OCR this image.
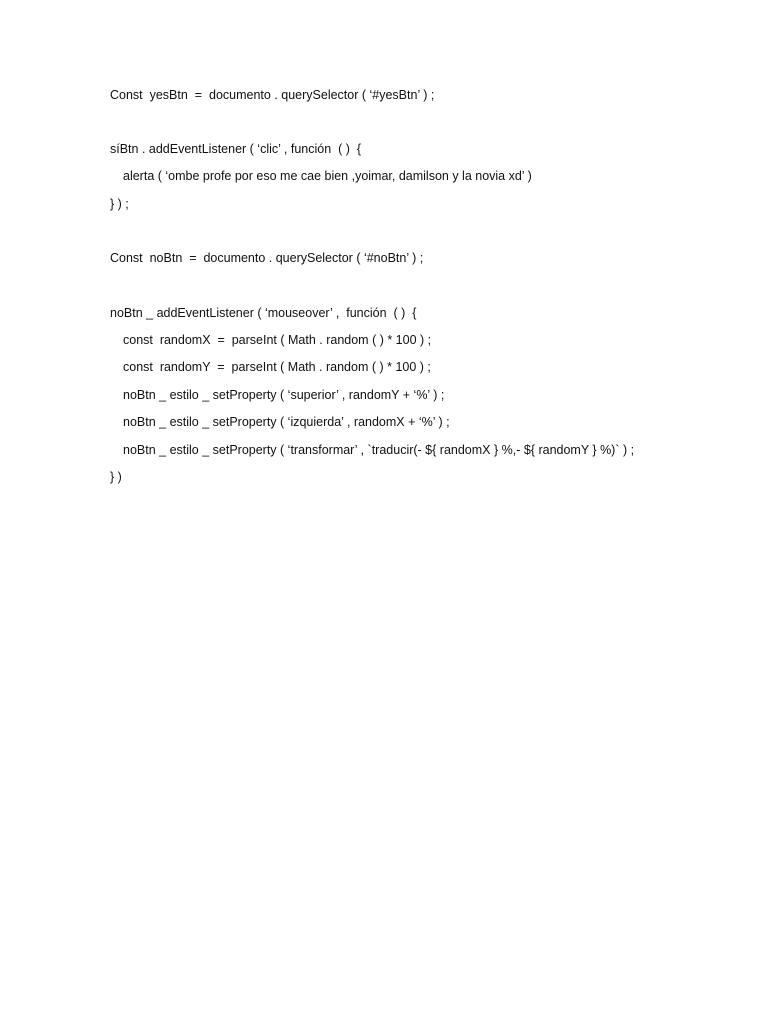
Const  yesBtn  =  documento . querySelector ( ‘#yesBtn’ ) ;
síBtn . addEventListener ( ‘clic’ , función  ( )  {
alerta ( ‘ombe profe por eso me cae bien ,yoimar, damilson y la novia xd’ )
} ) ;
Const  noBtn  =  documento . querySelector ( ‘#noBtn’ ) ;
noBtn _ addEventListener ( ‘mouseover’ ,  función  ( )  {
const  randomX  =  parseInt ( Math . random ( ) * 100 ) ;
const  randomY  =  parseInt ( Math . random ( ) * 100 ) ;
noBtn _ estilo _ setProperty ( ‘superior’ , randomY + ‘%’ ) ;
noBtn _ estilo _ setProperty ( ‘izquierda’ , randomX + ‘%’ ) ;
noBtn _ estilo _ setProperty ( ‘transformar’ , `traducir(- ${ randomX } %,- ${ randomY } %)` ) ;
} )
